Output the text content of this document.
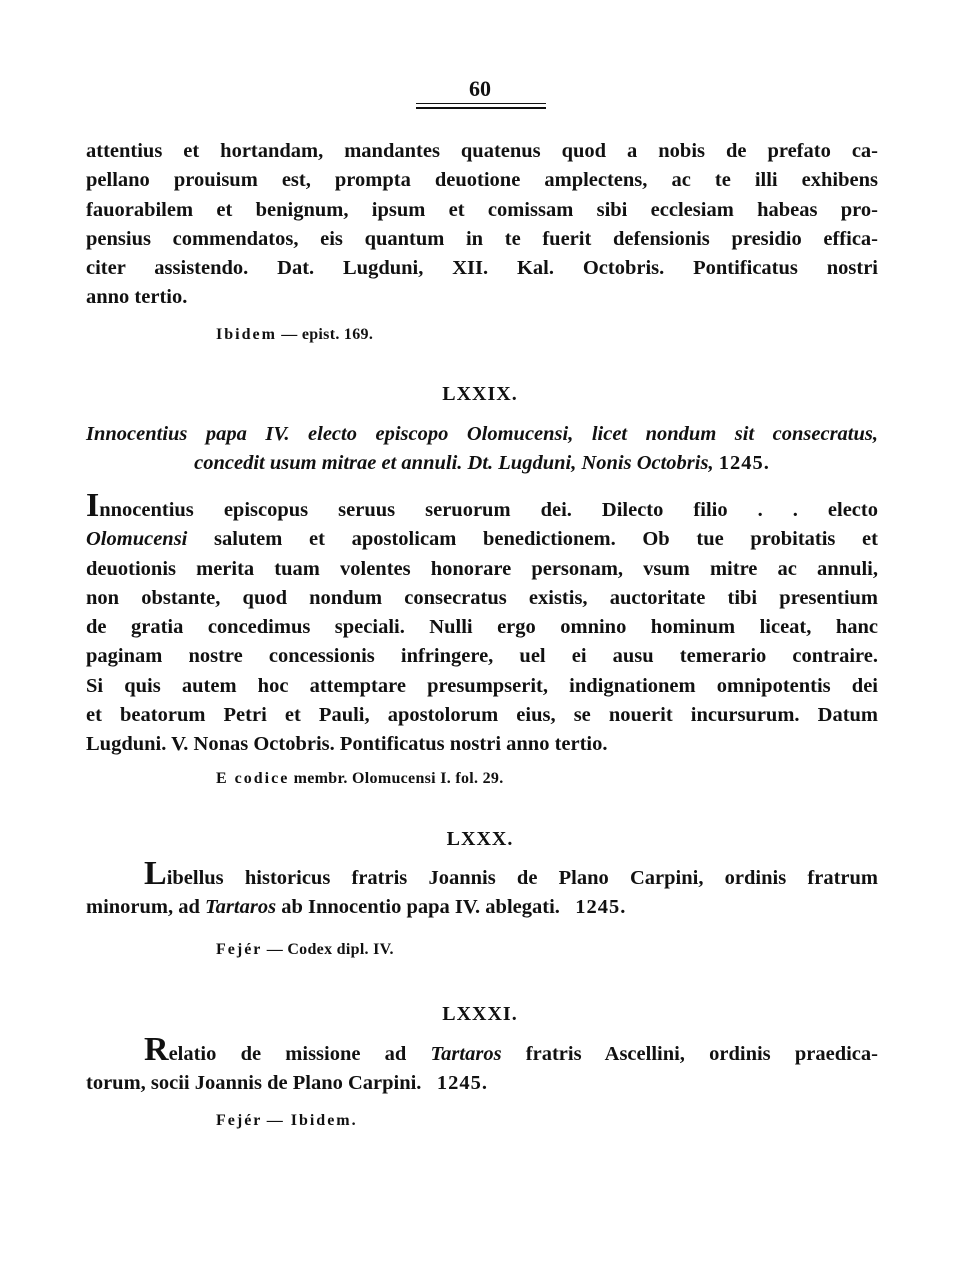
60
attentius et hortandam, mandantes quatenus quod a nobis de prefato ca-
pellano prouisum est, prompta deuotione amplectens, ac te illi exhibens
fauorabilem et benignum, ipsum et comissam sibi ecclesiam habeas pro-
pensius commendatos, eis quantum in te fuerit defensionis presidio effica-
citer assistendo. Dat. Lugduni, XII. Kal. Octobris. Pontificatus nostri
anno tertio.
Ibidem — epist. 169.
LXXIX.
Innocentius papa IV. electo episcopo Olomucensi, licet nondum sit consecratus,
concedit usum mitrae et annuli. Dt. Lugduni, Nonis Octobris, 1245.
Innocentius episcopus seruus seruorum dei. Dilecto filio . . electo
Olomucensi salutem et apostolicam benedictionem. Ob tue probitatis et
deuotionis merita tuam volentes honorare personam, vsum mitre ac annuli,
non obstante, quod nondum consecratus existis, auctoritate tibi presentium
de gratia concedimus speciali. Nulli ergo omnino hominum liceat, hanc
paginam nostre concessionis infringere, uel ei ausu temerario contraire.
Si quis autem hoc attemptare presumpserit, indignationem omnipotentis dei
et beatorum Petri et Pauli, apostolorum eius, se nouerit incursurum. Datum
Lugduni. V. Nonas Octobris. Pontificatus nostri anno tertio.
E codice membr. Olomucensi I. fol. 29.
LXXX.
Libellus historicus fratris Joannis de Plano Carpini, ordinis fratrum
minorum, ad Tartaros ab Innocentio papa IV. ablegati. 1245.
Fejér — Codex dipl. IV.
LXXXI.
Relatio de missione ad Tartaros fratris Ascellini, ordinis praedica-
torum, socii Joannis de Plano Carpini. 1245.
Fejér — Ibidem.
